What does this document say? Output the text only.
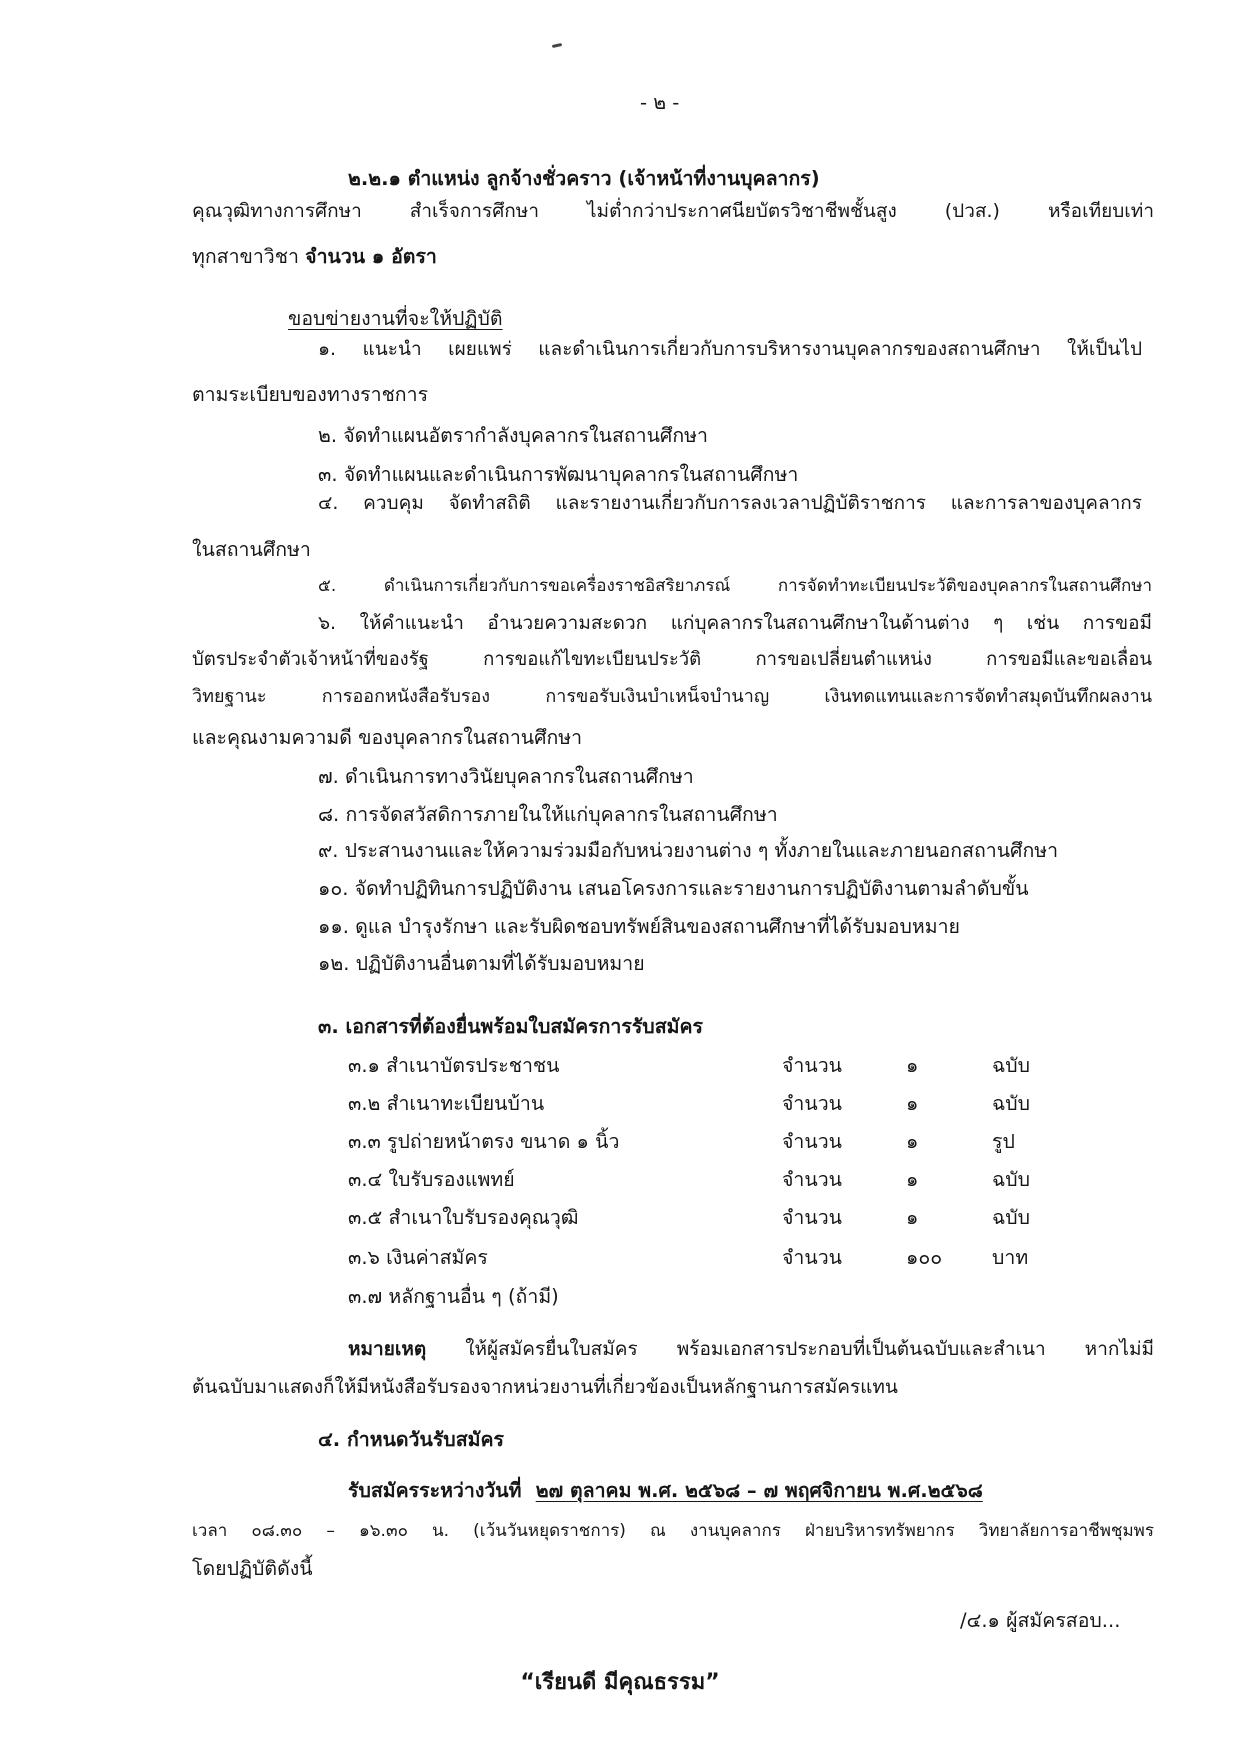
- ๒ -
๒.๒.๑ ตำแหน่ง ลูกจ้างชั่วคราว (เจ้าหน้าที่งานบุคลากร)
คุณวุฒิทางการศึกษา สำเร็จการศึกษา ไม่ต่ำกว่าประกาศนียบัตรวิชาชีพชั้นสูง (ปวส.) หรือเทียบเท่า
ทุกสาขาวิชา จำนวน ๑ อัตรา
ขอบข่ายงานที่จะให้ปฏิบัติ
๑. แนะนำ เผยแพร่ และดำเนินการเกี่ยวกับการบริหารงานบุคลากรของสถานศึกษา ให้เป็นไป
ตามระเบียบของทางราชการ
๒. จัดทำแผนอัตรากำลังบุคลากรในสถานศึกษา
๓. จัดทำแผนและดำเนินการพัฒนาบุคลากรในสถานศึกษา
๔. ควบคุม จัดทำสถิติ และรายงานเกี่ยวกับการลงเวลาปฏิบัติราชการ และการลาของบุคลากร
ในสถานศึกษา
๕. ดำเนินการเกี่ยวกับการขอเครื่องราชอิสริยาภรณ์ การจัดทำทะเบียนประวัติของบุคลากรในสถานศึกษา
๖. ให้คำแนะนำ อำนวยความสะดวก แก่บุคลากรในสถานศึกษาในด้านต่าง ๆ เช่น การขอมี
บัตรประจำตัวเจ้าหน้าที่ของรัฐ การขอแก้ไขทะเบียนประวัติ การขอเปลี่ยนตำแหน่ง การขอมีและขอเลื่อน
วิทยฐานะ การออกหนังสือรับรอง การขอรับเงินบำเหน็จบำนาญ เงินทดแทนและการจัดทำสมุดบันทึกผลงาน
และคุณงามความดี ของบุคลากรในสถานศึกษา
๗. ดำเนินการทางวินัยบุคลากรในสถานศึกษา
๘. การจัดสวัสดิการภายในให้แก่บุคลากรในสถานศึกษา
๙. ประสานงานและให้ความร่วมมือกับหน่วยงานต่าง ๆ ทั้งภายในและภายนอกสถานศึกษา
๑๐. จัดทำปฏิทินการปฏิบัติงาน เสนอโครงการและรายงานการปฏิบัติงานตามลำดับขั้น
๑๑. ดูแล บำรุงรักษา และรับผิดชอบทรัพย์สินของสถานศึกษาที่ได้รับมอบหมาย
๑๒. ปฏิบัติงานอื่นตามที่ได้รับมอบหมาย
๓. เอกสารที่ต้องยื่นพร้อมใบสมัครการรับสมัคร
๓.๑ สำเนาบัตรประชาชน	จำนวน	๑	ฉบับ
๓.๒ สำเนาทะเบียนบ้าน	จำนวน	๑	ฉบับ
๓.๓ รูปถ่ายหน้าตรง ขนาด ๑ นิ้ว	จำนวน	๑	รูป
๓.๔ ใบรับรองแพทย์	จำนวน	๑	ฉบับ
๓.๕ สำเนาใบรับรองคุณวุฒิ	จำนวน	๑	ฉบับ
๓.๖ เงินค่าสมัคร	จำนวน	๑๐๐	บาท
๓.๗ หลักฐานอื่น ๆ (ถ้ามี)
หมายเหตุ ให้ผู้สมัครยื่นใบสมัคร พร้อมเอกสารประกอบที่เป็นต้นฉบับและสำเนา หากไม่มี
ต้นฉบับมาแสดงก็ให้มีหนังสือรับรองจากหน่วยงานที่เกี่ยวข้องเป็นหลักฐานการสมัครแทน
๔. กำหนดวันรับสมัคร
รับสมัครระหว่างวันที่ ๒๗ ตุลาคม พ.ศ. ๒๕๖๘ – ๗ พฤศจิกายน พ.ศ.๒๕๖๘
เวลา ๐๘.๓๐ – ๑๖.๓๐ น. (เว้นวันหยุดราชการ) ณ งานบุคลากร ฝ่ายบริหารทรัพยากร วิทยาลัยการอาชีพชุมพร
โดยปฏิบัติดังนี้
/๔.๑ ผู้สมัครสอบ...
“เรียนดี มีคุณธรรม”
